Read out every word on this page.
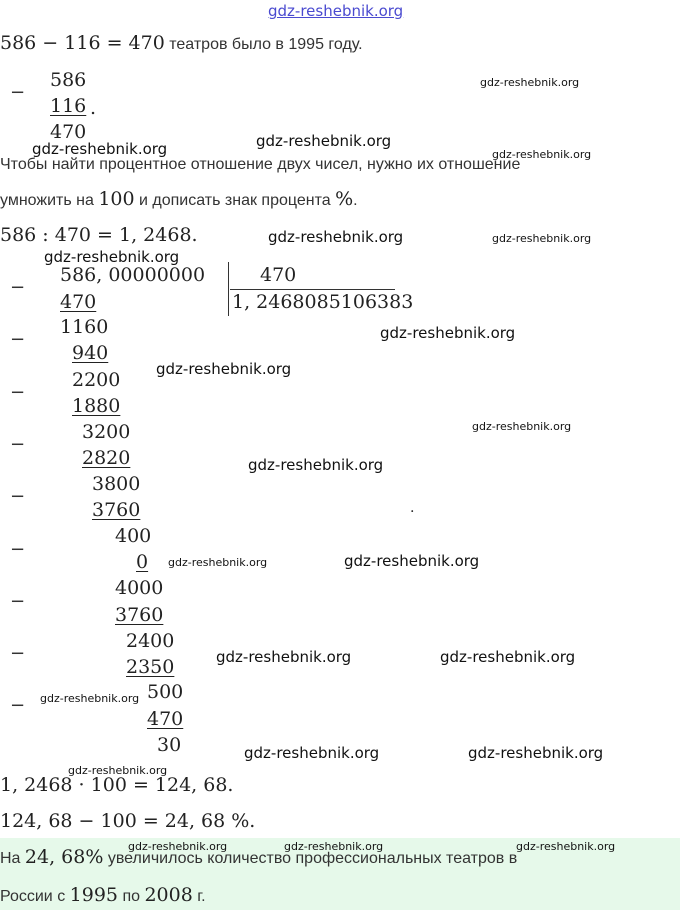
gdz-reshebnik.org
586 − 116 = 470 театров было в 1995 году.
−
586
116 .
470
Чтобы найти процентное отношение двух чисел, нужно их отношение
умножить на 100 и дописать знак процента %.
586 : 470 = 1, 2468.
586, 00000000	470
1, 2468085106383
−
−
−
−
−
−
−
−
−
470
1160
940
2200
1880
3200
2820
3800
3760
400
0
4000
3760
2400
2350
500
470
30
.
1, 2468 · 100 = 124, 68.
124, 68 − 100 = 24, 68 %.
На 24, 68% увеличилось количество профессиональных театров в
России с 1995 по 2008 г.
gdz-reshebnik.org
gdz-reshebnik.org	gdz-reshebnik.org
gdz-reshebnik.org
gdz-reshebnik.org	gdz-reshebnik.org
gdz-reshebnik.org
gdz-reshebnik.org
gdz-reshebnik.org
gdz-reshebnik.org
gdz-reshebnik.org
gdz-reshebnik.org	gdz-reshebnik.org
gdz-reshebnik.org	gdz-reshebnik.org
gdz-reshebnik.org
gdz-reshebnik.org	gdz-reshebnik.org
gdz-reshebnik.org
gdz-reshebnik.org	gdz-reshebnik.org	gdz-reshebnik.org
